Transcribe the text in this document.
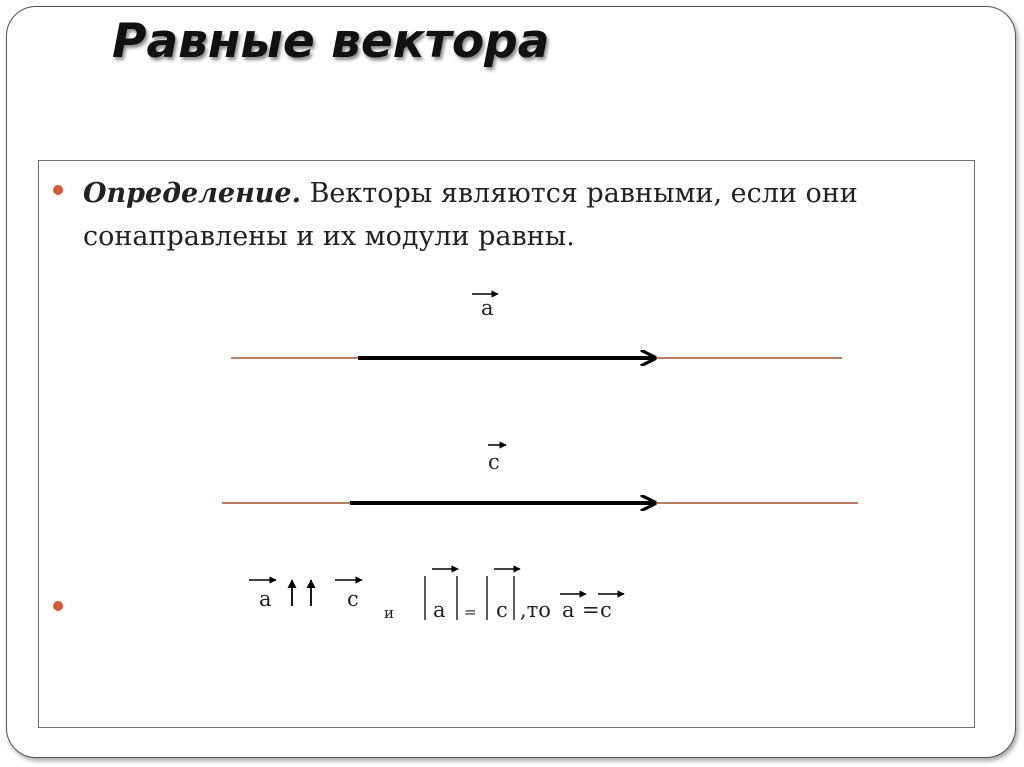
Равные вектора
Определение. Векторы являются равными, если они сонаправлены и их модули равны.
a
c
a	c
и a = c ,то a = c
